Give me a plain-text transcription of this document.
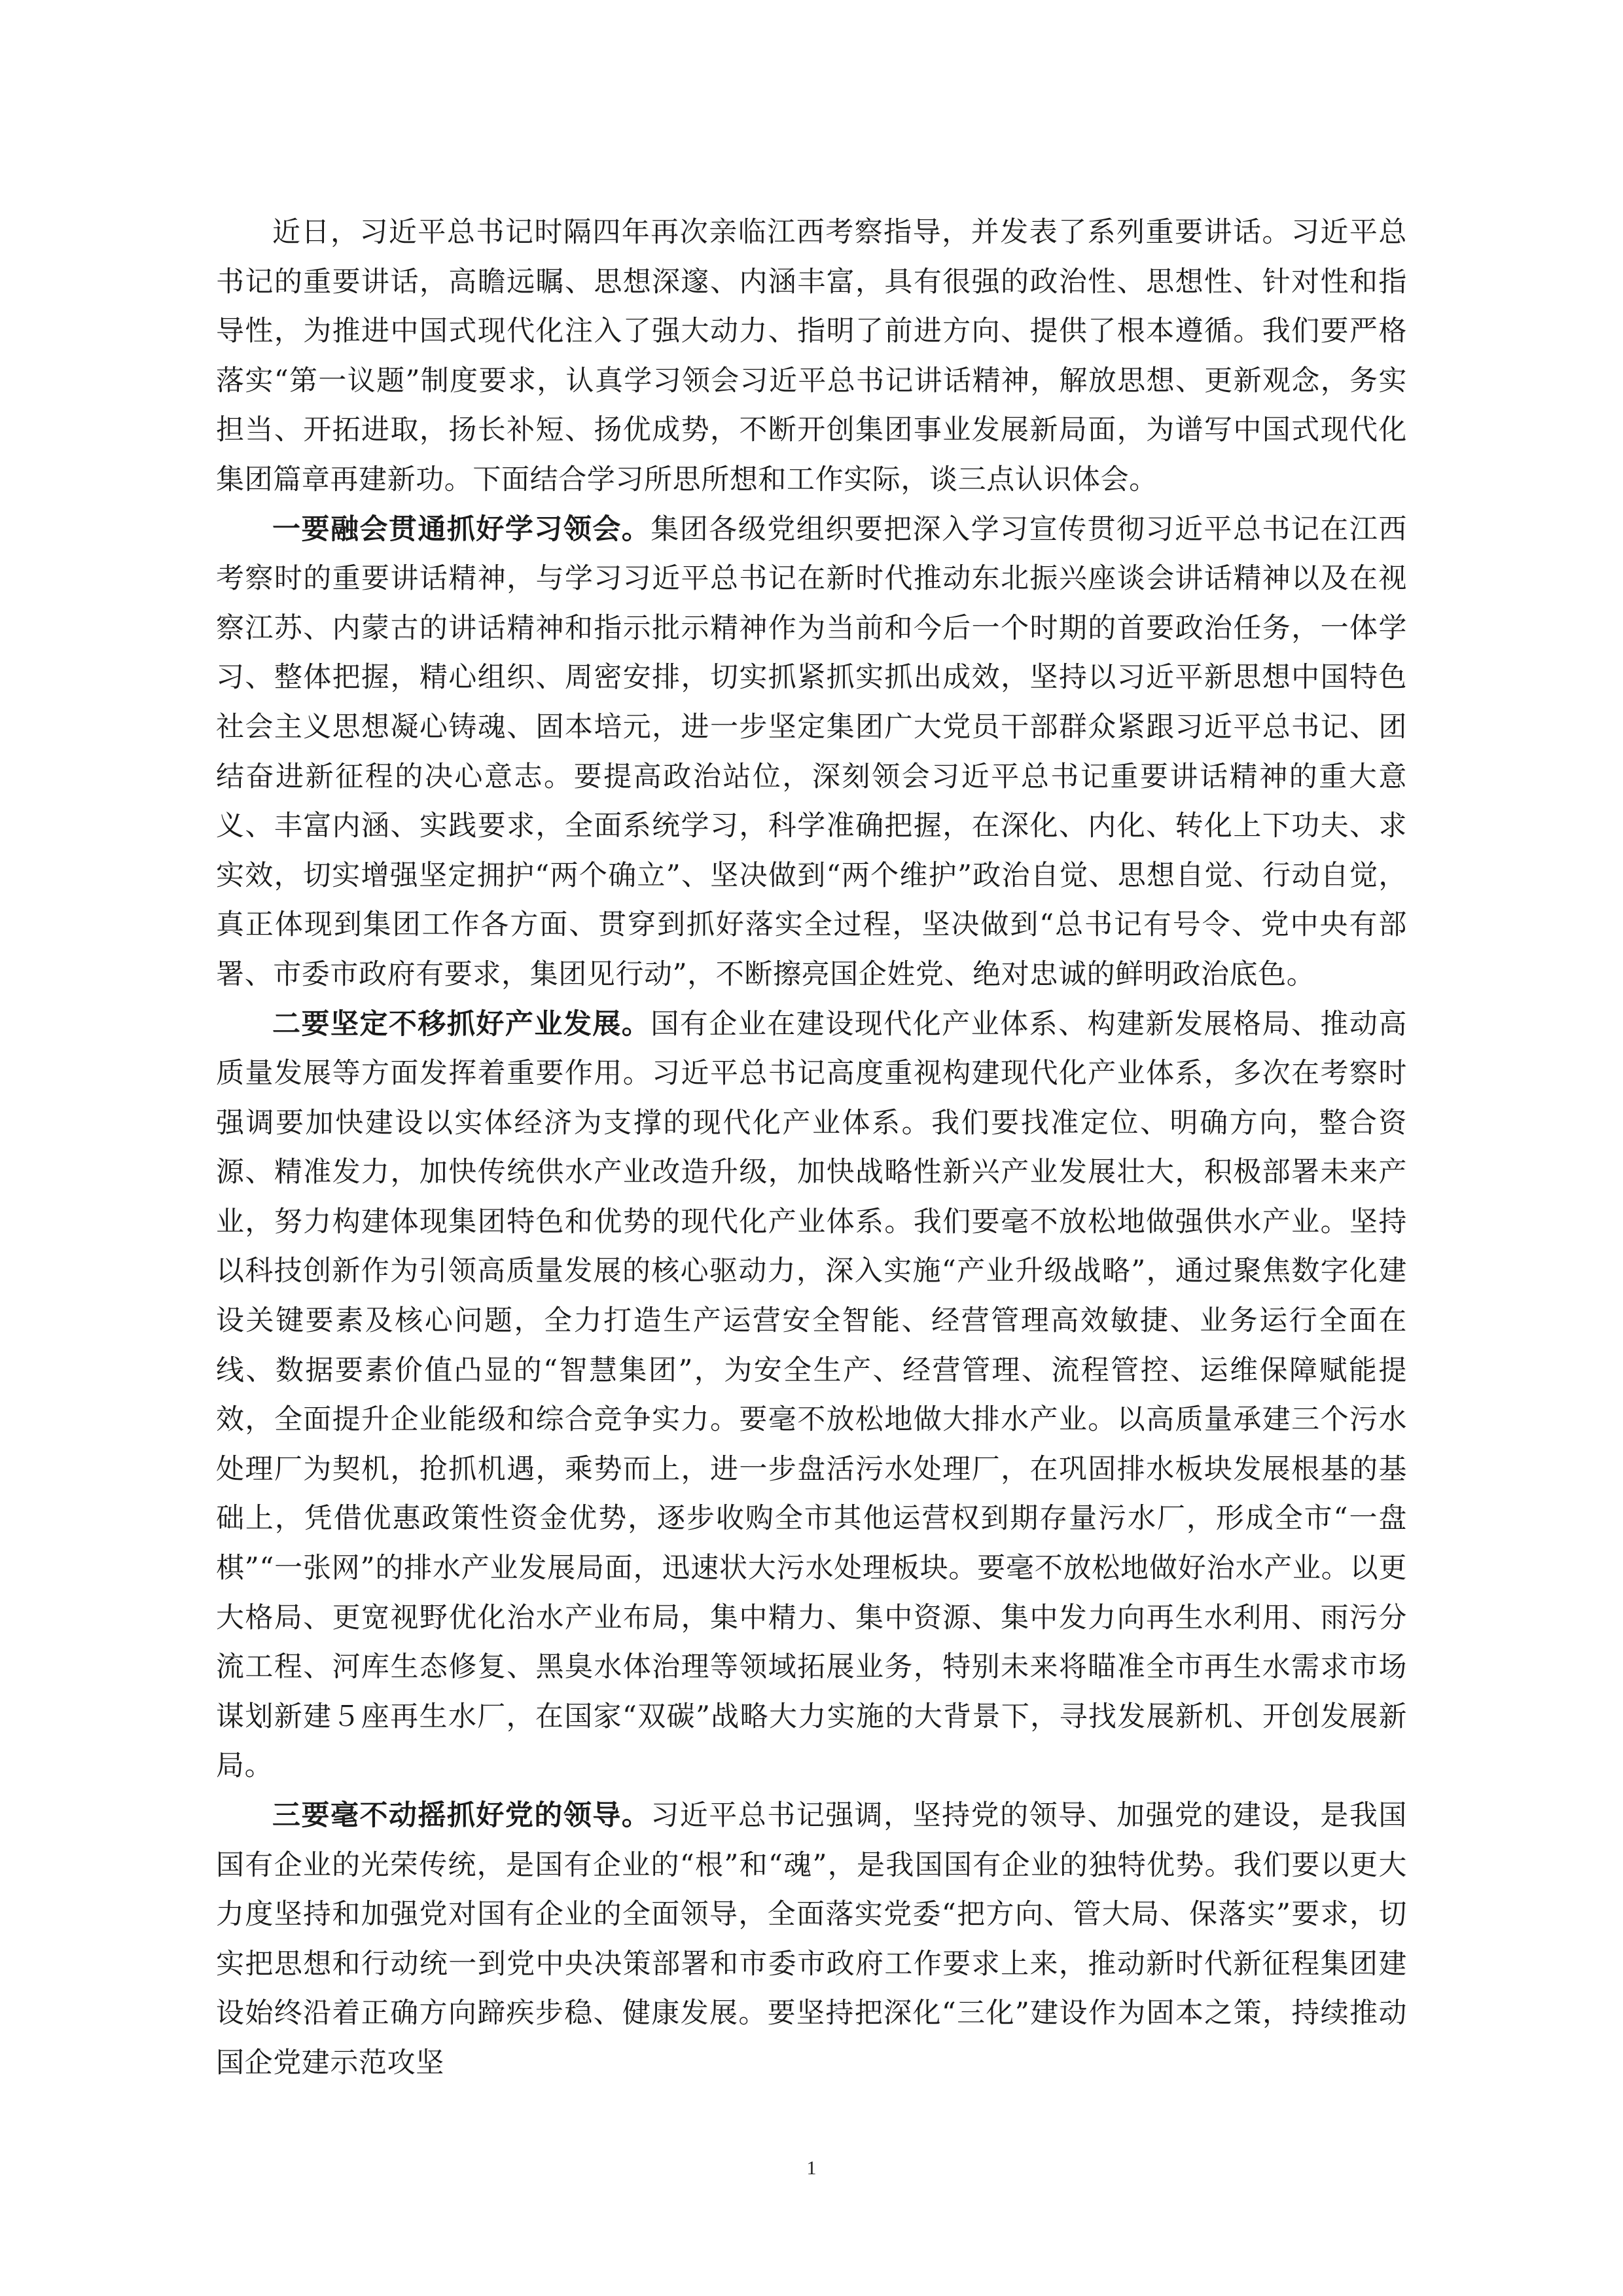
近日，习近平总书记时隔四年再次亲临江西考察指导，并发表了系列重要讲话。习近平总书记的重要讲话，高瞻远瞩、思想深邃、内涵丰富，具有很强的政治性、思想性、针对性和指导性，为推进中国式现代化注入了强大动力、指明了前进方向、提供了根本遵循。我们要严格落实“第一议题”制度要求，认真学习领会习近平总书记讲话精神，解放思想、更新观念，务实担当、开拓进取，扬长补短、扬优成势，不断开创集团事业发展新局面，为谱写中国式现代化集团篇章再建新功。下面结合学习所思所想和工作实际，谈三点认识体会。

一要融会贯通抓好学习领会。集团各级党组织要把深入学习宣传贯彻习近平总书记在江西考察时的重要讲话精神，与学习习近平总书记在新时代推动东北振兴座谈会讲话精神以及在视察江苏、内蒙古的讲话精神和指示批示精神作为当前和今后一个时期的首要政治任务，一体学习、整体把握，精心组织、周密安排，切实抓紧抓实抓出成效，坚持以习近平新思想中国特色社会主义思想凝心铸魂、固本培元，进一步坚定集团广大党员干部群众紧跟习近平总书记、团结奋进新征程的决心意志。要提高政治站位，深刻领会习近平总书记重要讲话精神的重大意义、丰富内涵、实践要求，全面系统学习，科学准确把握，在深化、内化、转化上下功夫、求实效，切实增强坚定拥护“两个确立”、坚决做到“两个维护”政治自觉、思想自觉、行动自觉，真正体现到集团工作各方面、贯穿到抓好落实全过程，坚决做到“总书记有号令、党中央有部署、市委市政府有要求，集团见行动”，不断擦亮国企姓党、绝对忠诚的鲜明政治底色。

二要坚定不移抓好产业发展。国有企业在建设现代化产业体系、构建新发展格局、推动高质量发展等方面发挥着重要作用。习近平总书记高度重视构建现代化产业体系，多次在考察时强调要加快建设以实体经济为支撑的现代化产业体系。我们要找准定位、明确方向，整合资源、精准发力，加快传统供水产业改造升级，加快战略性新兴产业发展壮大，积极部署未来产业，努力构建体现集团特色和优势的现代化产业体系。我们要毫不放松地做强供水产业。坚持以科技创新作为引领高质量发展的核心驱动力，深入实施“产业升级战略”，通过聚焦数字化建设关键要素及核心问题，全力打造生产运营安全智能、经营管理高效敏捷、业务运行全面在线、数据要素价值凸显的“智慧集团”，为安全生产、经营管理、流程管控、运维保障赋能提效，全面提升企业能级和综合竞争实力。要毫不放松地做大排水产业。以高质量承建三个污水处理厂为契机，抢抓机遇，乘势而上，进一步盘活污水处理厂，在巩固排水板块发展根基的基础上，凭借优惠政策性资金优势，逐步收购全市其他运营权到期存量污水厂，形成全市“一盘棋”“一张网”的排水产业发展局面，迅速状大污水处理板块。要毫不放松地做好治水产业。以更大格局、更宽视野优化治水产业布局，集中精力、集中资源、集中发力向再生水利用、雨污分流工程、河库生态修复、黑臭水体治理等领域拓展业务，特别未来将瞄准全市再生水需求市场谋划新建５座再生水厂，在国家“双碳”战略大力实施的大背景下，寻找发展新机、开创发展新局。

三要毫不动摇抓好党的领导。习近平总书记强调，坚持党的领导、加强党的建设，是我国国有企业的光荣传统，是国有企业的“根”和“魂”，是我国国有企业的独特优势。我们要以更大力度坚持和加强党对国有企业的全面领导，全面落实党委“把方向、管大局、保落实”要求，切实把思想和行动统一到党中央决策部署和市委市政府工作要求上来，推动新时代新征程集团建设始终沿着正确方向蹄疾步稳、健康发展。要坚持把深化“三化”建设作为固本之策，持续推动国企党建示范攻坚

1
